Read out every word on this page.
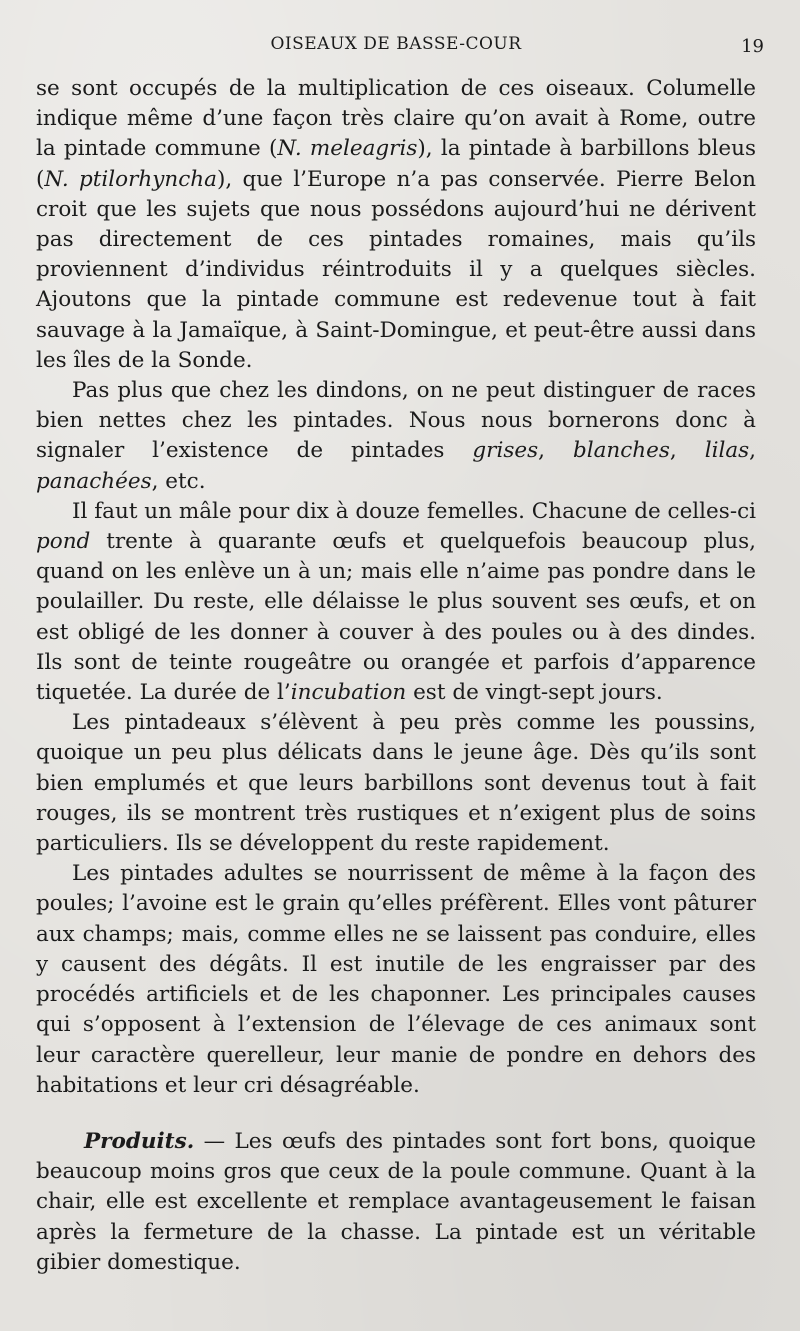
OISEAUX DE BASSE-COUR	19

se sont occupés de la multiplication de ces oiseaux. Columelle indique même d’une façon très claire qu’on avait à Rome, outre la pintade commune (N. meleagris), la pintade à barbillons bleus (N. ptilorhyncha), que l’Europe n’a pas conservée. Pierre Belon croit que les sujets que nous possédons aujourd’hui ne dérivent pas directement de ces pintades romaines, mais qu’ils proviennent d’individus réintroduits il y a quelques siècles. Ajoutons que la pintade commune est redevenue tout à fait sauvage à la Jamaïque, à Saint-Domingue, et peut-être aussi dans les îles de la Sonde.

Pas plus que chez les dindons, on ne peut distinguer de races bien nettes chez les pintades. Nous nous bornerons donc à signaler l’existence de pintades grises, blanches, lilas, panachées, etc.

Il faut un mâle pour dix à douze femelles. Chacune de celles-ci pond trente à quarante œufs et quelquefois beaucoup plus, quand on les enlève un à un; mais elle n’aime pas pondre dans le poulailler. Du reste, elle délaisse le plus souvent ses œufs, et on est obligé de les donner à couver à des poules ou à des dindes. Ils sont de teinte rougeâtre ou orangée et parfois d’apparence tiquetée. La durée de l’incubation est de vingt-sept jours.

Les pintadeaux s’élèvent à peu près comme les poussins, quoique un peu plus délicats dans le jeune âge. Dès qu’ils sont bien emplumés et que leurs barbillons sont devenus tout à fait rouges, ils se montrent très rustiques et n’exigent plus de soins particuliers. Ils se développent du reste rapidement.

Les pintades adultes se nourrissent de même à la façon des poules; l’avoine est le grain qu’elles préfèrent. Elles vont pâturer aux champs; mais, comme elles ne se laissent pas conduire, elles y causent des dégâts. Il est inutile de les engraisser par des procédés artificiels et de les chaponner. Les principales causes qui s’opposent à l’extension de l’élevage de ces animaux sont leur caractère querelleur, leur manie de pondre en dehors des habitations et leur cri désagréable.

Produits. — Les œufs des pintades sont fort bons, quoique beaucoup moins gros que ceux de la poule commune. Quant à la chair, elle est excellente et remplace avantageusement le faisan après la fermeture de la chasse. La pintade est un véritable gibier domestique.
